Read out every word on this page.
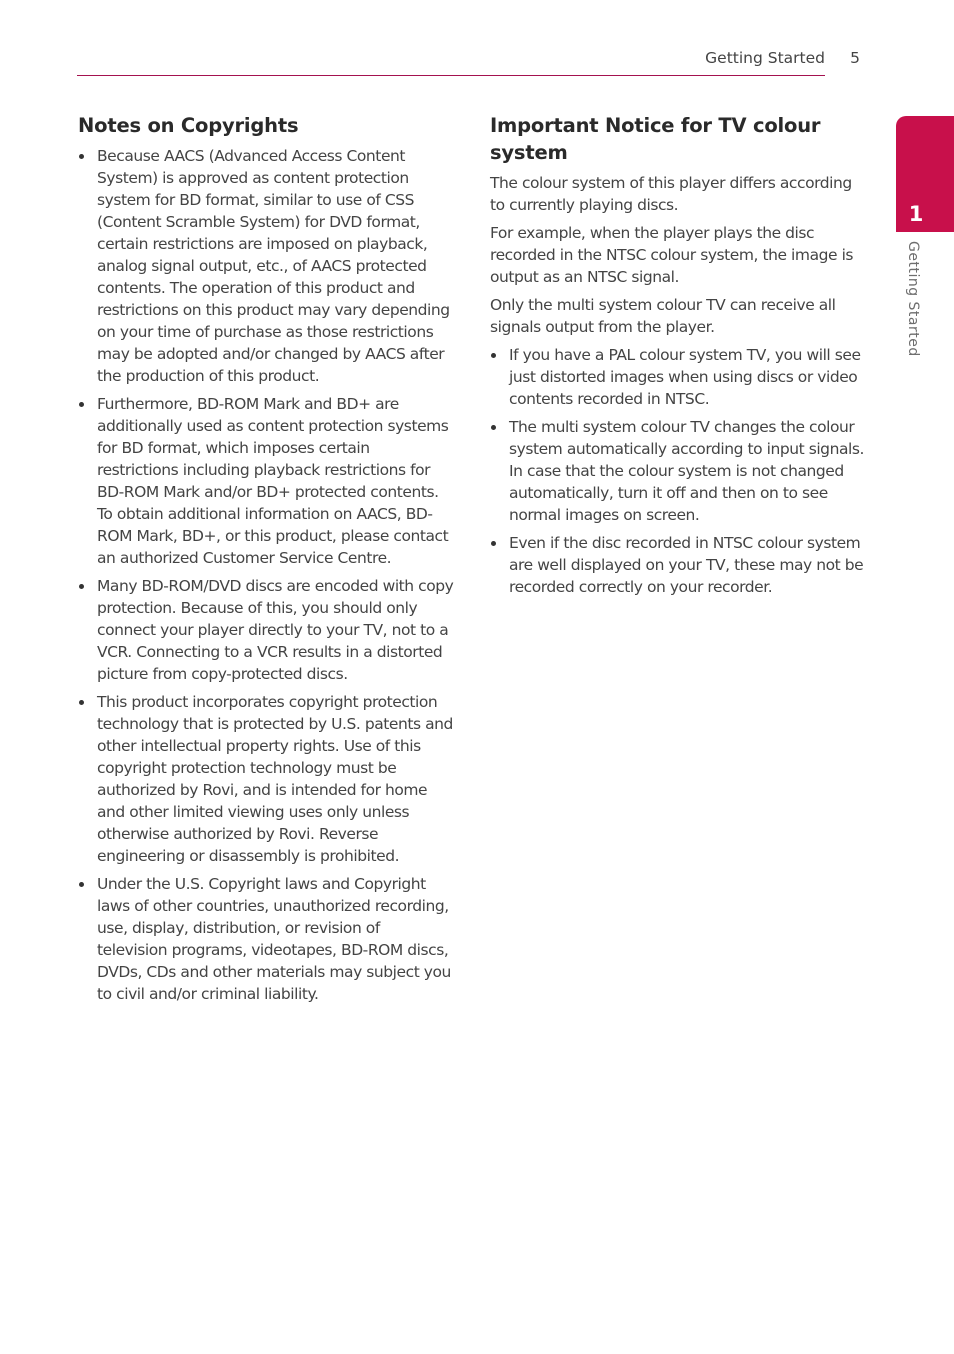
Getting Started	5
1
Getting Started
Notes on Copyrights
Because AACS (Advanced Access Content System) is approved as content protection system for BD format, similar to use of CSS (Content Scramble System) for DVD format, certain restrictions are imposed on playback, analog signal output, etc., of AACS protected contents. The operation of this product and restrictions on this product may vary depending on your time of purchase as those restrictions may be adopted and/or changed by AACS after the production of this product.
Furthermore, BD-ROM Mark and BD+ are additionally used as content protection systems for BD format, which imposes certain restrictions including playback restrictions for BD-ROM Mark and/or BD+ protected contents. To obtain additional information on AACS, BD-ROM Mark, BD+, or this product, please contact an authorized Customer Service Centre.
Many BD-ROM/DVD discs are encoded with copy protection. Because of this, you should only connect your player directly to your TV, not to a VCR. Connecting to a VCR results in a distorted picture from copy-protected discs.
This product incorporates copyright protection technology that is protected by U.S. patents and other intellectual property rights. Use of this copyright protection technology must be authorized by Rovi, and is intended for home and other limited viewing uses only unless otherwise authorized by Rovi. Reverse engineering or disassembly is prohibited.
Under the U.S. Copyright laws and Copyright laws of other countries, unauthorized recording, use, display, distribution, or revision of television programs, videotapes, BD-ROM discs, DVDs, CDs and other materials may subject you to civil and/or criminal liability.
Important Notice for TV colour system

The colour system of this player differs according to currently playing discs.

For example, when the player plays the disc recorded in the NTSC colour system, the image is output as an NTSC signal.

Only the multi system colour TV can receive all signals output from the player.

If you have a PAL colour system TV, you will see just distorted images when using discs or video contents recorded in NTSC.
The multi system colour TV changes the colour system automatically according to input signals. In case that the colour system is not changed automatically, turn it off and then on to see normal images on screen.
Even if the disc recorded in NTSC colour system are well displayed on your TV, these may not be recorded correctly on your recorder.
